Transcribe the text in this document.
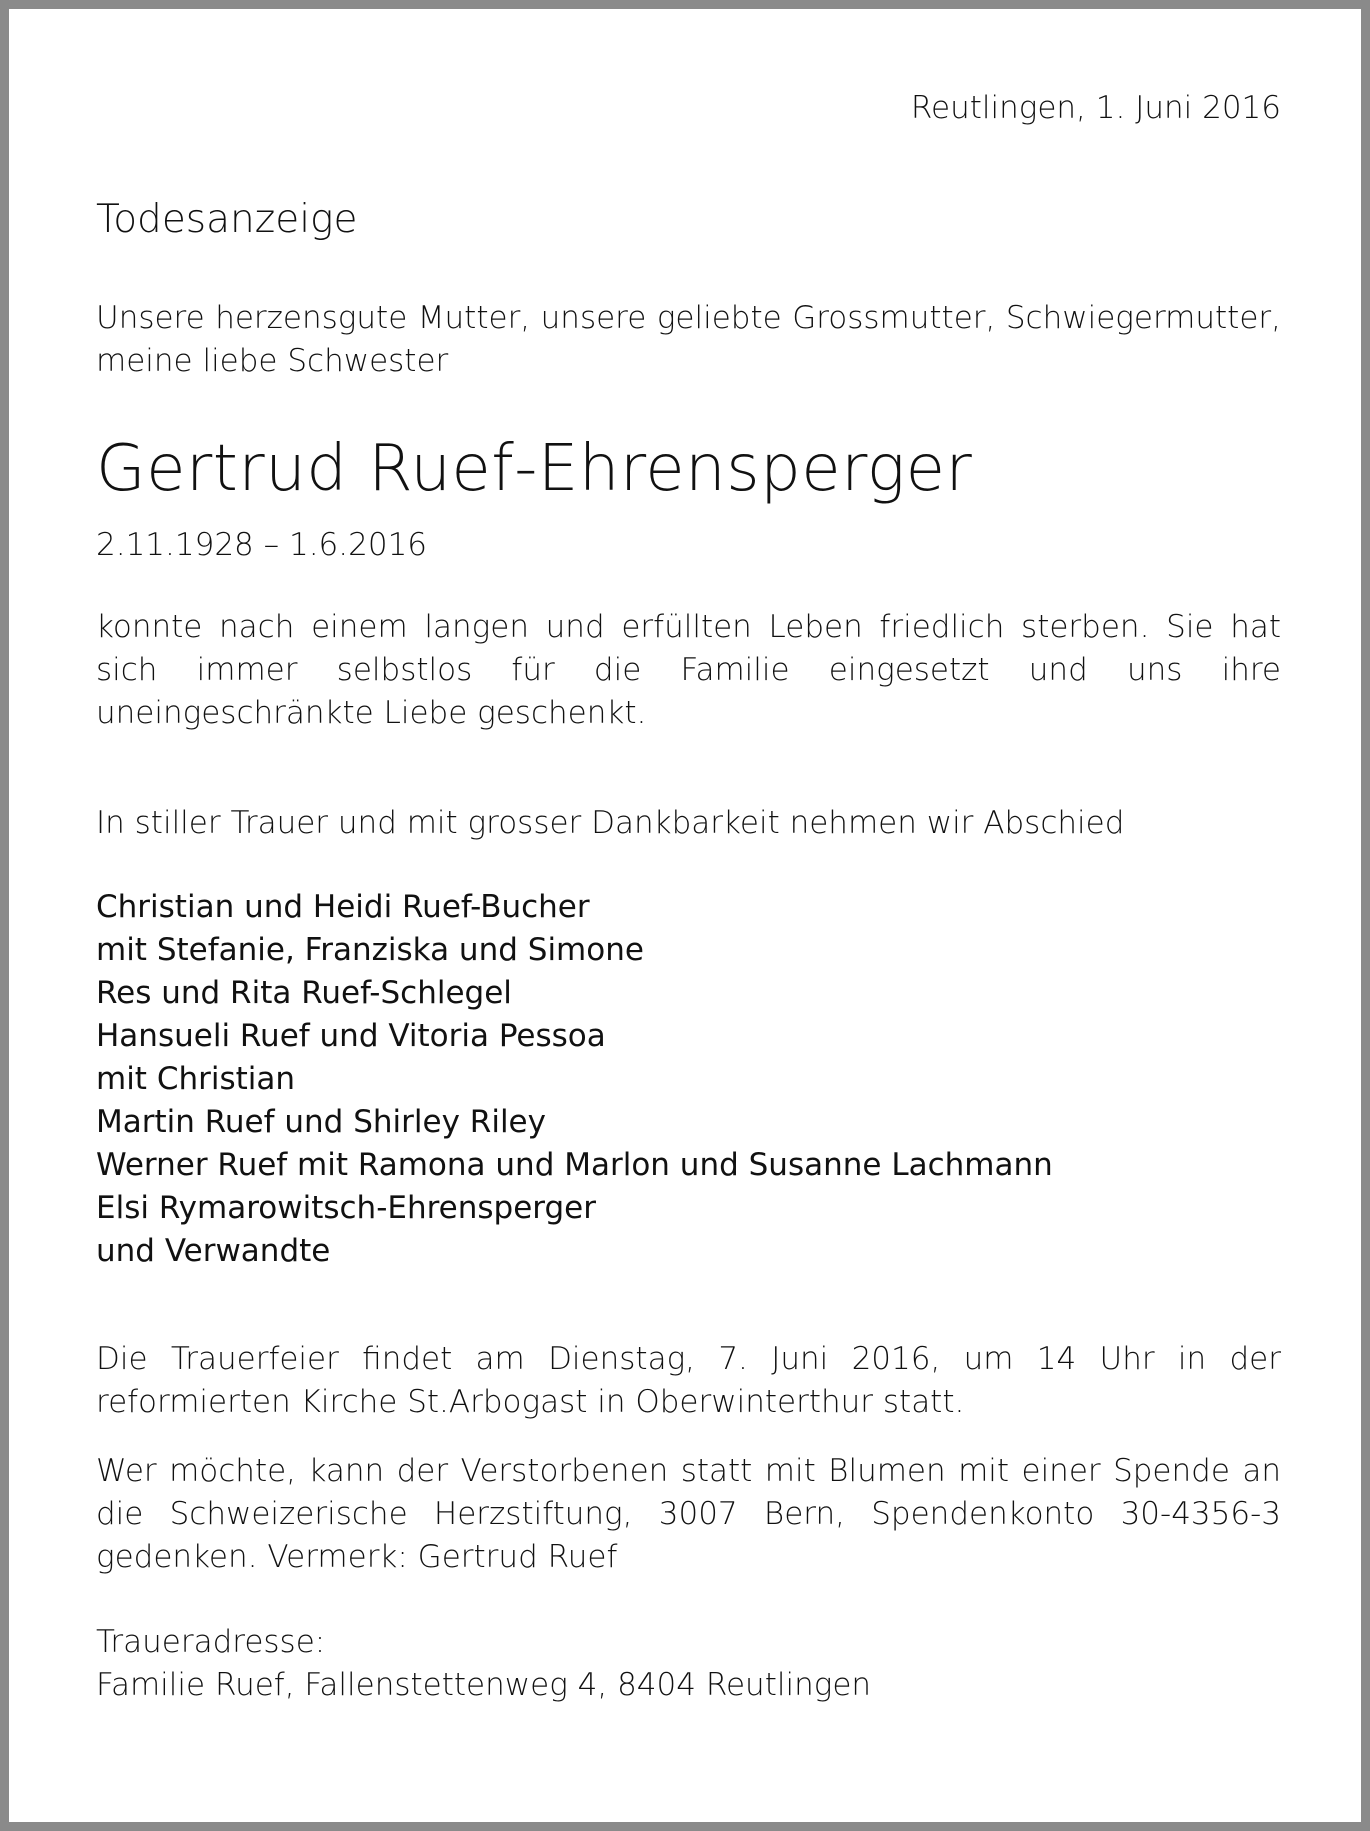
Reutlingen, 1. Juni 2016

Todesanzeige

Unsere herzensgute Mutter, unsere geliebte Grossmutter, Schwiegermutter, meine liebe Schwester

Gertrud Ruef-Ehrensperger

2.11.1928 – 1.6.2016

konnte nach einem langen und erfüllten Leben friedlich sterben. Sie hat sich immer selbstlos für die Familie eingesetzt und uns ihre uneingeschränkte Liebe geschenkt.

In stiller Trauer und mit grosser Dankbarkeit nehmen wir Abschied

Christian und Heidi Ruef-Bucher
mit Stefanie, Franziska und Simone
Res und Rita Ruef-Schlegel
Hansueli Ruef und Vitoria Pessoa
mit Christian
Martin Ruef und Shirley Riley
Werner Ruef mit Ramona und Marlon und Susanne Lachmann
Elsi Rymarowitsch-Ehrensperger
und Verwandte

Die Trauerfeier findet am Dienstag, 7. Juni 2016, um 14 Uhr in der reformierten Kirche St.Arbogast in Oberwinterthur statt.

Wer möchte, kann der Verstorbenen statt mit Blumen mit einer Spende an die Schweizerische Herzstiftung, 3007 Bern, Spendenkonto 30-4356-3 gedenken. Vermerk: Gertrud Ruef

Traueradresse:

Familie Ruef, Fallenstettenweg 4, 8404 Reutlingen
